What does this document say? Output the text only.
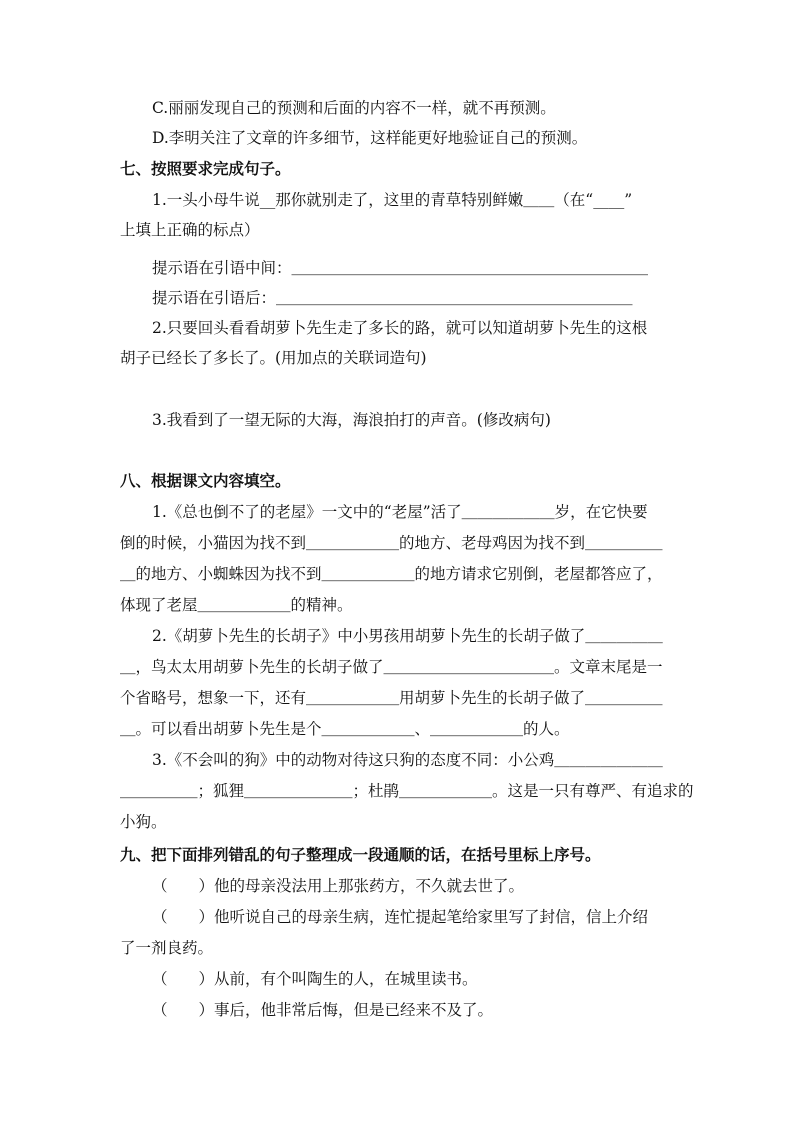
C.丽丽发现自己的预测和后面的内容不一样，就不再预测。
D.李明关注了文章的许多细节，这样能更好地验证自己的预测。
七、按照要求完成句子。
1.一头小母牛说__那你就别走了，这里的青草特别鲜嫩＿＿（在“____”
上填上正确的标点）
提示语在引语中间：＿＿＿＿＿＿＿＿＿＿＿＿＿＿＿＿＿＿＿＿＿＿＿
提示语在引语后：＿＿＿＿＿＿＿＿＿＿＿＿＿＿＿＿＿＿＿＿＿＿＿
2.只要回头看看胡萝卜先生走了多长的路，就可以知道胡萝卜先生的这根
胡子已经长了多长了。(用加点的关联词造句)
3.我看到了一望无际的大海，海浪拍打的声音。(修改病句)
八、根据课文内容填空。
1.《总也倒不了的老屋》一文中的“老屋”活了＿＿＿＿＿＿岁，在它快要
倒的时候，小猫因为找不到＿＿＿＿＿＿的地方、老母鸡因为找不到＿＿＿＿＿
＿的地方、小蜘蛛因为找不到＿＿＿＿＿＿的地方请求它别倒，老屋都答应了，
体现了老屋＿＿＿＿＿＿的精神。
2.《胡萝卜先生的长胡子》中小男孩用胡萝卜先生的长胡子做了＿＿＿＿＿
＿，鸟太太用胡萝卜先生的长胡子做了＿＿＿＿＿＿＿＿＿＿＿。文章末尾是一
个省略号，想象一下，还有＿＿＿＿＿＿用胡萝卜先生的长胡子做了＿＿＿＿＿
＿。可以看出胡萝卜先生是个＿＿＿＿＿＿、＿＿＿＿＿＿的人。
3.《不会叫的狗》中的动物对待这只狗的态度不同：小公鸡＿＿＿＿＿＿＿
＿＿＿＿＿；狐狸＿＿＿＿＿＿＿；杜鹃＿＿＿＿＿＿。这是一只有尊严、有追求的
小狗。
九、把下面排列错乱的句子整理成一段通顺的话，在括号里标上序号。
（　　）他的母亲没法用上那张药方，不久就去世了。
（　　）他听说自己的母亲生病，连忙提起笔给家里写了封信，信上介绍
了一剂良药。
（　　）从前，有个叫陶生的人，在城里读书。
（　　）事后，他非常后悔，但是已经来不及了。
